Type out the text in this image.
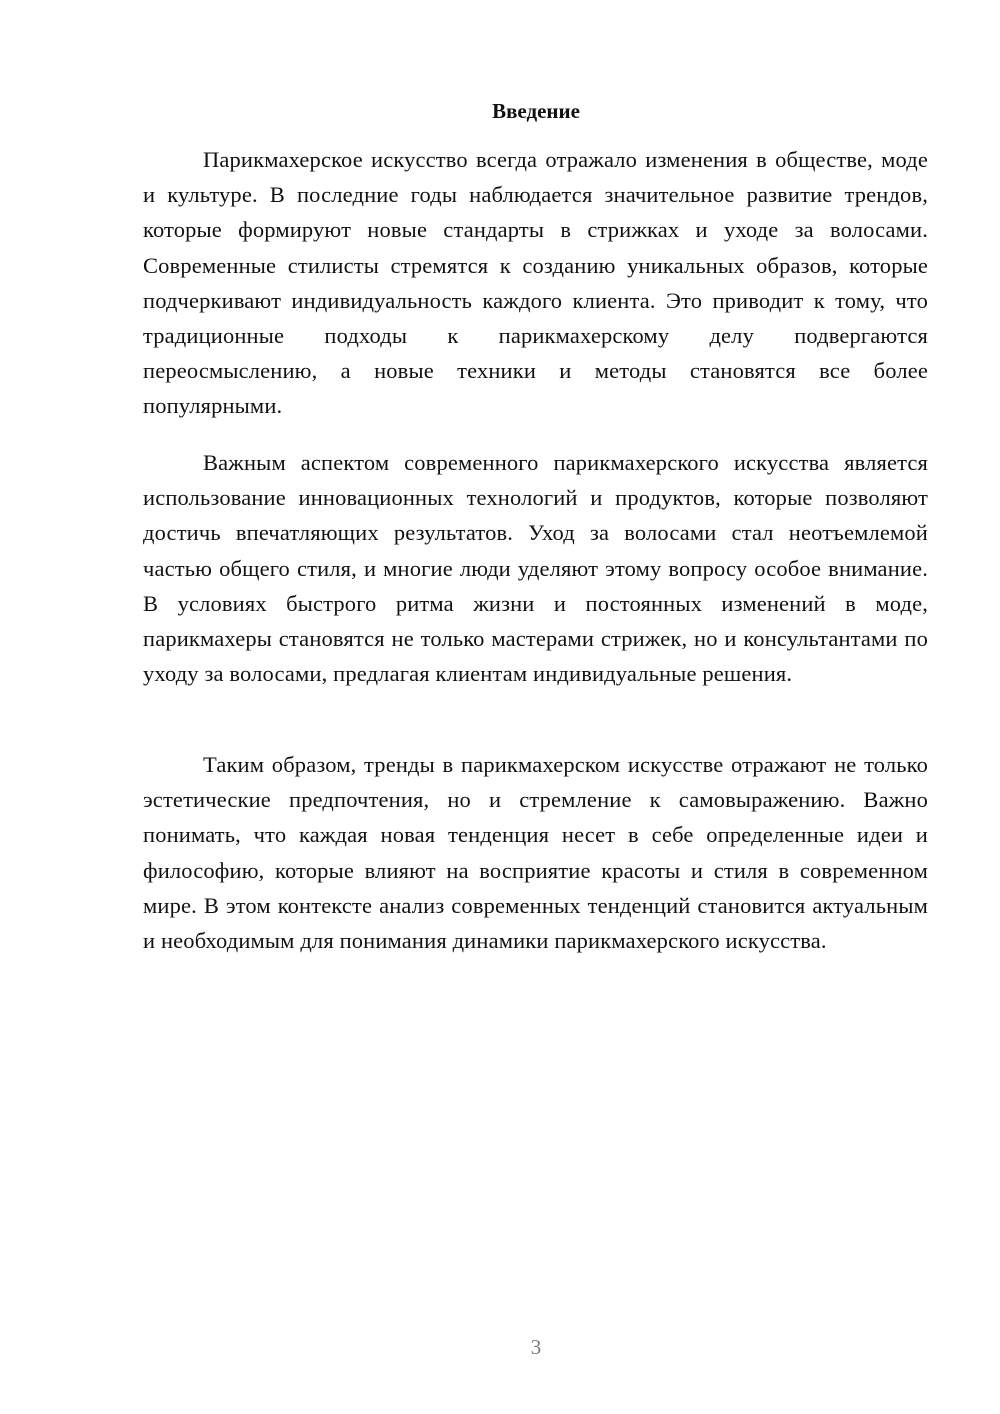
Введение

Парикмахерское искусство всегда отражало изменения в обществе, моде и культуре. В последние годы наблюдается значительное развитие трендов, которые формируют новые стандарты в стрижках и уходе за волосами. Современные стилисты стремятся к созданию уникальных образов, которые подчеркивают индивидуальность каждого клиента. Это приводит к тому, что традиционные подходы к парикмахерскому делу подвергаются переосмыслению, а новые техники и методы становятся все более популярными.

Важным аспектом современного парикмахерского искусства является использование инновационных технологий и продуктов, которые позволяют достичь впечатляющих результатов. Уход за волосами стал неотъемлемой частью общего стиля, и многие люди уделяют этому вопросу особое внимание. В условиях быстрого ритма жизни и постоянных изменений в моде, парикмахеры становятся не только мастерами стрижек, но и консультантами по уходу за волосами, предлагая клиентам индивидуальные решения.

Таким образом, тренды в парикмахерском искусстве отражают не только эстетические предпочтения, но и стремление к самовыражению. Важно понимать, что каждая новая тенденция несет в себе определенные идеи и философию, которые влияют на восприятие красоты и стиля в современном мире. В этом контексте анализ современных тенденций становится актуальным и необходимым для понимания динамики парикмахерского искусства.

3
